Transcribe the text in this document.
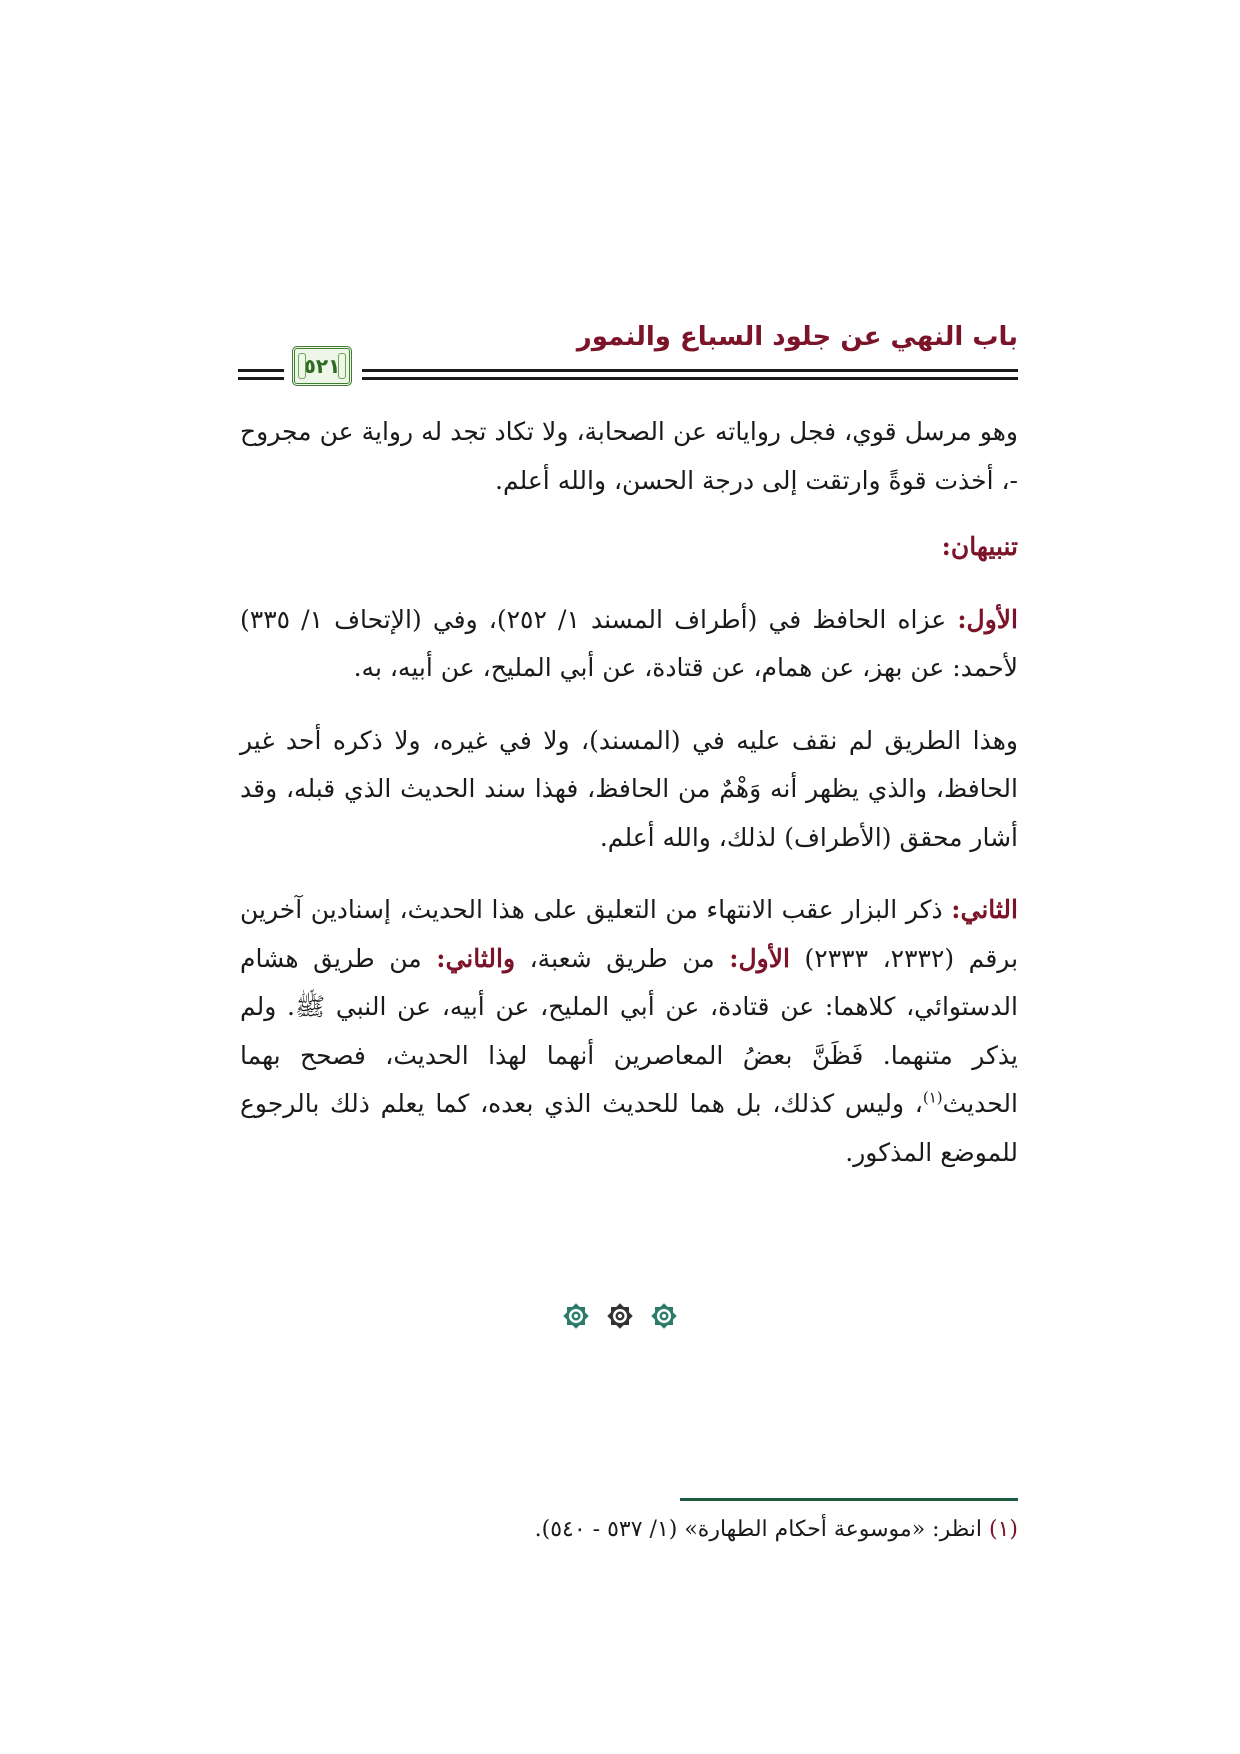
باب النهي عن جلود السباع والنمور
٥٢١

وهو مرسل قوي، فجل رواياته عن الصحابة، ولا تكاد تجد له رواية عن مجروح -، أخذت قوةً وارتقت إلى درجة الحسن، والله أعلم.

تنبيهان:

الأول: عزاه الحافظ في (أطراف المسند ١/ ٢٥٢)، وفي (الإتحاف ١/ ٣٣٥) لأحمد: عن بهز، عن همام، عن قتادة، عن أبي المليح، عن أبيه، به.

وهذا الطريق لم نقف عليه في (المسند)، ولا في غيره، ولا ذكره أحد غير الحافظ، والذي يظهر أنه وَهْمٌ من الحافظ، فهذا سند الحديث الذي قبله، وقد أشار محقق (الأطراف) لذلك، والله أعلم.

الثاني: ذكر البزار عقب الانتهاء من التعليق على هذا الحديث، إسنادين آخرين برقم (٢٣٣٢، ٢٣٣٣) الأول: من طريق شعبة، والثاني: من طريق هشام الدستوائي، كلاهما: عن قتادة، عن أبي المليح، عن أبيه، عن النبي ﷺ. ولم يذكر متنهما. فَظَنَّ بعضُ المعاصرين أنهما لهذا الحديث، فصحح بهما الحديث$^{(١)}$، وليس كذلك، بل هما للحديث الذي بعده، كما يعلم ذلك بالرجوع للموضع المذكور.

(١) انظر: «موسوعة أحكام الطهارة» (١/ ٥٣٧ - ٥٤٠).
